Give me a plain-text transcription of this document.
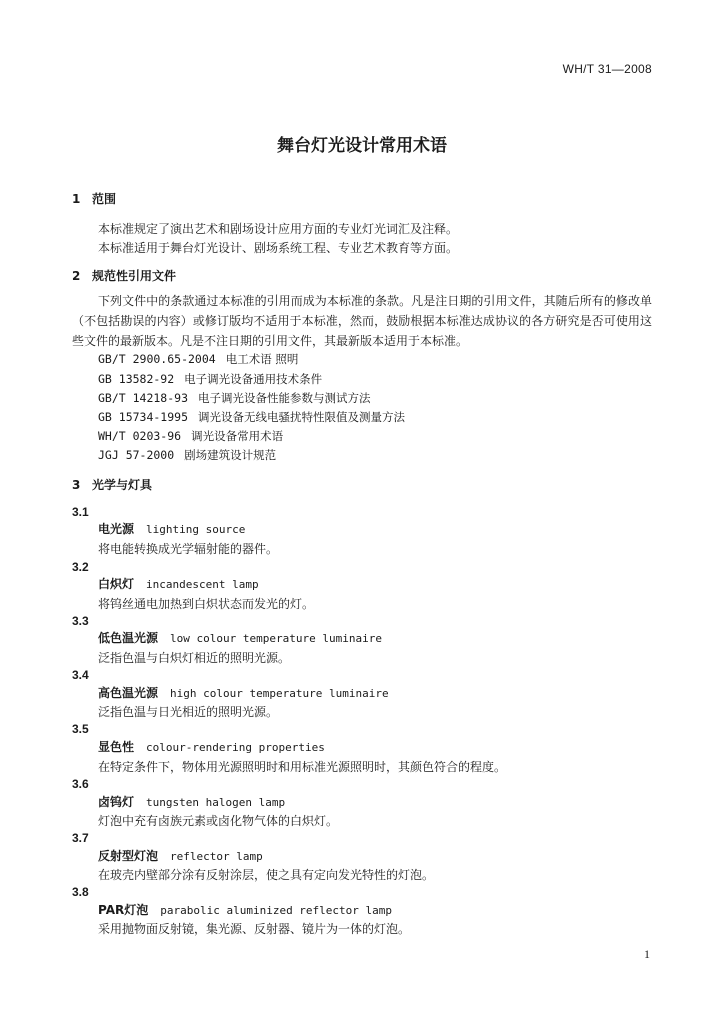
WH/T 31—2008
舞台灯光设计常用术语
1 范围
本标准规定了演出艺术和剧场设计应用方面的专业灯光词汇及注释。
本标准适用于舞台灯光设计、剧场系统工程、专业艺术教育等方面。
2 规范性引用文件
下列文件中的条款通过本标准的引用而成为本标准的条款。凡是注日期的引用文件，其随后所有的修改单（不包括勘误的内容）或修订版均不适用于本标准，然而，鼓励根据本标准达成协议的各方研究是否可使用这些文件的最新版本。凡是不注日期的引用文件，其最新版本适用于本标准。
GB/T 2900.65-2004 电工术语 照明
GB 13582-92 电子调光设备通用技术条件
GB/T 14218-93 电子调光设备性能参数与测试方法
GB 15734-1995 调光设备无线电骚扰特性限值及测量方法
WH/T 0203-96 调光设备常用术语
JGJ 57-2000 剧场建筑设计规范
3 光学与灯具
3.1
电光源 lighting source
将电能转换成光学辐射能的器件。
3.2
白炽灯 incandescent lamp
将钨丝通电加热到白炽状态而发光的灯。
3.3
低色温光源 low colour temperature luminaire
泛指色温与白炽灯相近的照明光源。
3.4
高色温光源 high colour temperature luminaire
泛指色温与日光相近的照明光源。
3.5
显色性 colour-rendering properties
在特定条件下，物体用光源照明时和用标准光源照明时，其颜色符合的程度。
3.6
卤钨灯 tungsten halogen lamp
灯泡中充有卤族元素或卤化物气体的白炽灯。
3.7
反射型灯泡 reflector lamp
在玻壳内壁部分涂有反射涂层，使之具有定向发光特性的灯泡。
3.8
PAR灯泡 parabolic aluminized reflector lamp
采用抛物面反射镜，集光源、反射器、镜片为一体的灯泡。
1
